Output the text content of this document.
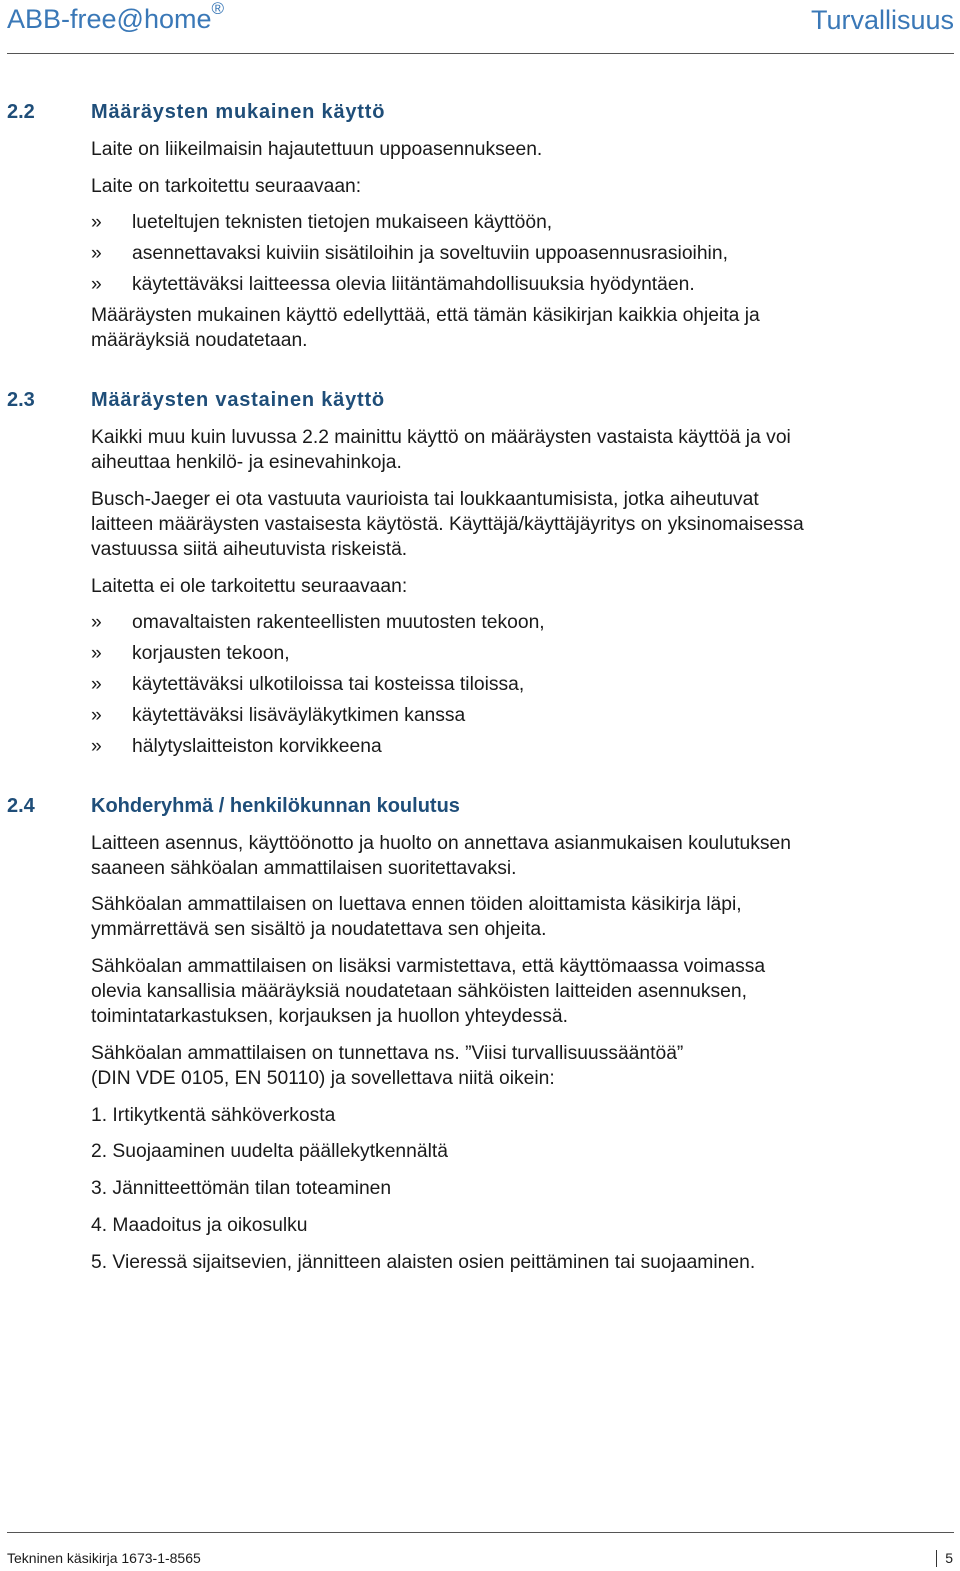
ABB-free@home®	Turvallisuus
2.2	Määräysten mukainen käyttö
Laite on liikeilmaisin hajautettuun uppoasennukseen.
Laite on tarkoitettu seuraavaan:
» lueteltujen teknisten tietojen mukaiseen käyttöön,
» asennettavaksi kuiviin sisätiloihin ja soveltuviin uppoasennusrasioihin,
» käytettäväksi laitteessa olevia liitäntämahdollisuuksia hyödyntäen.
Määräysten mukainen käyttö edellyttää, että tämän käsikirjan kaikkia ohjeita ja
määräyksiä noudatetaan.
2.3	Määräysten vastainen käyttö
Kaikki muu kuin luvussa 2.2 mainittu käyttö on määräysten vastaista käyttöä ja voi
aiheuttaa henkilö- ja esinevahinkoja.
Busch-Jaeger ei ota vastuuta vaurioista tai loukkaantumisista, jotka aiheutuvat
laitteen määräysten vastaisesta käytöstä. Käyttäjä/käyttäjäyritys on yksinomaisessa
vastuussa siitä aiheutuvista riskeistä.
Laitetta ei ole tarkoitettu seuraavaan:
» omavaltaisten rakenteellisten muutosten tekoon,
» korjausten tekoon,
» käytettäväksi ulkotiloissa tai kosteissa tiloissa,
» käytettäväksi lisäväyläkytkimen kanssa
» hälytyslaitteiston korvikkeena
2.4	Kohderyhmä / henkilökunnan koulutus
Laitteen asennus, käyttöönotto ja huolto on annettava asianmukaisen koulutuksen
saaneen sähköalan ammattilaisen suoritettavaksi.
Sähköalan ammattilaisen on luettava ennen töiden aloittamista käsikirja läpi,
ymmärrettävä sen sisältö ja noudatettava sen ohjeita.
Sähköalan ammattilaisen on lisäksi varmistettava, että käyttömaassa voimassa
olevia kansallisia määräyksiä noudatetaan sähköisten laitteiden asennuksen,
toimintatarkastuksen, korjauksen ja huollon yhteydessä.
Sähköalan ammattilaisen on tunnettava ns. ”Viisi turvallisuussääntöä”
(DIN VDE 0105, EN 50110) ja sovellettava niitä oikein:
1. Irtikytkentä sähköverkosta
2. Suojaaminen uudelta päällekytkennältä
3. Jännitteettömän tilan toteaminen
4. Maadoitus ja oikosulku
5. Vieressä sijaitsevien, jännitteen alaisten osien peittäminen tai suojaaminen.
Tekninen käsikirja 1673-1-8565	5
